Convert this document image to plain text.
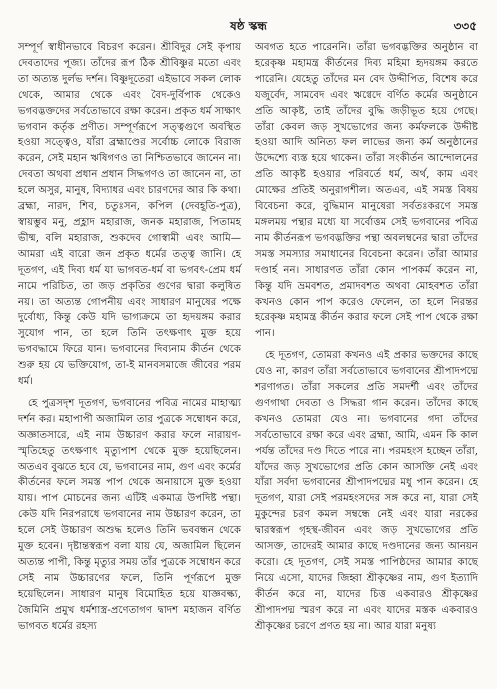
ষষ্ঠ স্কন্ধ	৩৩৫

সম্পূর্ণ স্বাধীনভাবে বিচরণ করেন। শ্রীবিদুর সেই কৃপায় দেবতাদের পূজ্য। তাঁদের রূপ ঠিক শ্রীবিষ্ণুর মতো এবং তা অত্যন্ত দুর্লভ দর্শন। বিষ্ণুদূতেরা এইভাবে সকল লোক থেকে, আমার থেকে এবং বৈদ-দুর্বিপাক থেকেও ভগবদ্ভক্তদের সর্বতোভাবে রক্ষা করেন। প্রকৃত ধর্ম সাক্ষাৎ ভগবান কর্তৃক প্রণীত। সম্পূর্ণরূপে সত্ত্বগুণে অবস্থিত হওয়া সত্ত্বেও, যাঁরা ব্রহ্মাণ্ডের সর্বোচ্চ লোকে বিরাজ করেন, সেই মহান ঋষিগণও তা নিশ্চিতভাবে জানেন না। দেবতা অথবা প্রধান প্রধান সিদ্ধগণও তা জানেন না, তা হলে অসুর, মানুষ, বিদ্যাধর এবং চারণদের আর কি কথা। ব্রহ্মা, নারদ, শিব, চতুঃসন, কপিল (দেবহূতি-পুত্র), স্বায়ম্ভুব মনু, প্রহ্লাদ মহারাজ, জনক মহারাজ, পিতামহ ভীষ্ম, বলি মহারাজ, শুকদেব গোস্বামী এবং আমি—আমরা এই বারো জন প্রকৃত ধর্মের তত্ত্ব জানি। হে দূতগণ, এই দিব্য ধর্ম যা ভাগবত-ধর্ম বা ভগবৎ-প্রেম ধর্ম নামে পরিচিত, তা জড় প্রকৃতির গুণের দ্বারা কলুষিত নয়। তা অত্যন্ত গোপনীয় এবং সাধারণ মানুষের পক্ষে দুর্বোধ্য, কিন্তু কেউ যদি ভাগ্যক্রমে তা হৃদয়ঙ্গম করার সুযোগ পান, তা হলে তিনি তৎক্ষণাৎ মুক্ত হয়ে ভগবদ্ধামে ফিরে যান। ভগবানের দিব্যনাম কীর্তন থেকে শুরু হয় যে ভক্তিযোগ, তা-ই মানবসমাজে জীবের পরম ধর্ম।

হে পুত্রসদৃশ দূতগণ, ভগবানের পবিত্র নামের মাহাত্ম্য দর্শন কর। মহাপাপী অজামিল তার পুত্রকে সম্বোধন করে, অজ্ঞাতসারে, এই নাম উচ্চারণ করার ফলে নারায়ণ-স্মৃতিহেতু তৎক্ষণাৎ মৃত্যুপাশ থেকে মুক্ত হয়েছিলেন। অতএব বুঝতে হবে যে, ভগবানের নাম, গুণ এবং কর্মের কীর্তনের ফলে সমস্ত পাপ থেকে অনায়াসে মুক্ত হওয়া যায়। পাপ মোচনের জন্য এটিই একমাত্র উপদিষ্ট পন্থা। কেউ যদি নিরপরাধে ভগবানের নাম উচ্চারণ করেন, তা হলে সেই উচ্চারণ অশুদ্ধ হলেও তিনি ভববন্ধন থেকে মুক্ত হবেন। দৃষ্টান্তস্বরূপ বলা যায় যে, অজামিল ছিলেন অত্যন্ত পাপী, কিন্তু মৃত্যুর সময় তাঁর পুত্রকে সম্বোধন করে সেই নাম উচ্চারণের ফলে, তিনি পূর্ণরূপে মুক্ত হয়েছিলেন। সাধারণ মানুষ বিমোহিত হয়ে যাজ্ঞবল্ক্য, জৈমিনি প্রমুখ ধর্মশাস্ত্র-প্রণেতাগণ দ্বাদশ মহাজন বর্ণিত ভাগবত ধর্মের রহস্য

অবগত হতে পারেননি। তাঁরা ভগবদ্ভক্তির অনুষ্ঠান বা হরেকৃষ্ণ মহামন্ত্র কীর্তনের দিব্য মহিমা হৃদয়ঙ্গম করতে পারেনি। যেহেতু তাঁদের মন বেদ উদ্দীপিত, বিশেষ করে যজুর্বেদ, সামবেদ এবং ঋগ্বেদে বর্ণিত কর্মের অনুষ্ঠানে প্রতি আকৃষ্ট, তাই তাঁদের বুদ্ধি জড়ীভূত হয়ে গেছে। তাঁরা কেবল জড় সুখভোগের জন্য কর্মফলকে উদ্দীষ্ট হওয়া আদি অনিত্য ফল লাভের জন্য কর্ম অনুষ্ঠানের উদ্দেশ্যে ব্যস্ত হয়ে থাকেন। তাঁরা সংকীর্তন আন্দোলনের প্রতি আকৃষ্ট হওয়ার পরিবর্তে ধর্ম, অর্থ, কাম এবং মোক্ষের প্রতিই অনুরাগশীল। অতএব, এই সমস্ত বিষয় বিবেচনা করে, বুদ্ধিমান মানুষেরা সর্বতঃকরণে সমস্ত মঙ্গলময় পন্থার মধ্যে যা সর্বোত্তম সেই ভগবানের পবিত্র নাম কীর্তনরূপ ভগবদ্ভক্তির পন্থা অবলম্বনের দ্বারা তাঁদের সমস্ত সমস্যার সমাধানের বিবেচনা করেন। তাঁরা আমার দণ্ডার্হ নন। সাধারণত তাঁরা কোন পাপকর্ম করেন না, কিন্তু যদি ভ্রমবশত, প্রমাদবশত অথবা মোহবশত তাঁরা কখনও কোন পাপ করেও ফেলেন, তা হলে নিরন্তর হরেকৃষ্ণ মহামন্ত্র কীর্তন করার ফলে সেই পাপ থেকে রক্ষা পান।

হে দূতগণ, তোমরা কখনও এই প্রকার ভক্তদের কাছে যেও না, কারণ তাঁরা সর্বতোভাবে ভগবানের শ্রীপাদপদ্মে শরণাগত। তাঁরা সকলের প্রতি সমদর্শী এবং তাঁদের গুণগাথা দেবতা ও সিদ্ধরা গান করেন। তাঁদের কাছে কখনও তোমরা যেও না। ভগবানের গদা তাঁদের সর্বতোভাবে রক্ষা করে এবং ব্রহ্মা, আমি, এমন কি কাল পর্যন্ত তাঁদের দণ্ড দিতে পারে না। পরমহংস হচ্ছেন তাঁরা, যাঁদের জড় সুখভোগের প্রতি কোন আসক্তি নেই এবং যাঁরা সর্বদা ভগবানের শ্রীপাদপদ্মের মধু পান করেন। হে দূতগণ, যারা সেই পরমহংসদের সঙ্গ করে না, যারা সেই মুকুন্দের চরণ কমল সম্বন্ধে নেই এবং যারা নরকের দ্বারস্বরূপ গৃহস্থ-জীবন এবং জড় সুখভোগের প্রতি আসক্ত, তাদেরই আমার কাছে দণ্ডদানের জন্য আনয়ন করো। হে দূতগণ, সেই সমস্ত পাপিষ্ঠদের আমার কাছে নিয়ে এসো, যাদের জিহ্বা শ্রীকৃষ্ণের নাম, গুণ ইত্যাদি কীর্তন করে না, যাদের চিত্ত একবারও শ্রীকৃষ্ণের শ্রীপাদপদ্ম স্মরণ করে না এবং যাদের মস্তক একবারও শ্রীকৃষ্ণের চরণে প্রণত হয় না। আর যারা মনুষ্য
